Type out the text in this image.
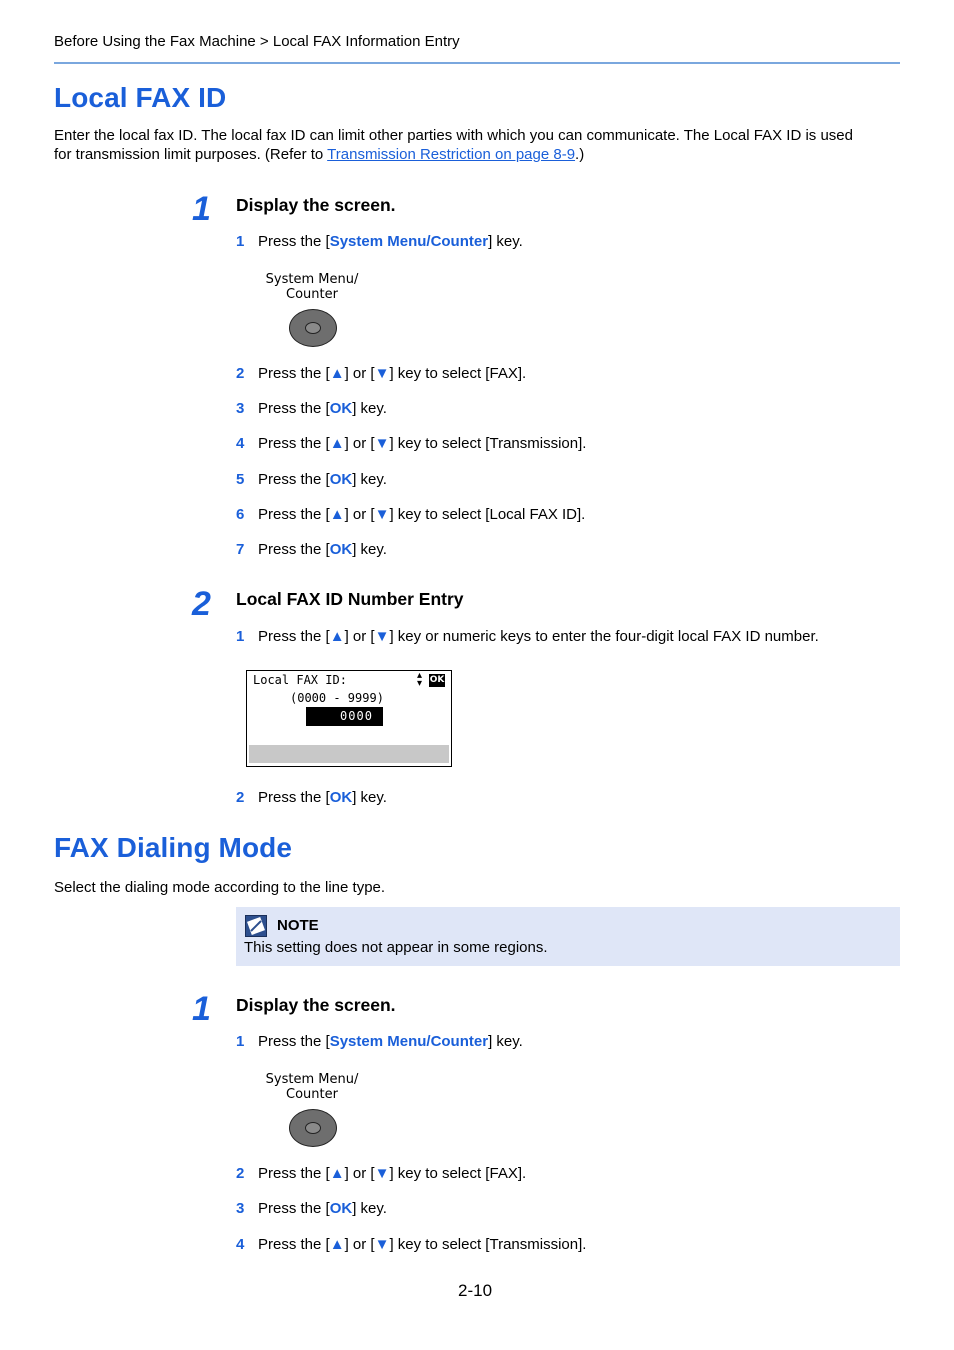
Before Using the Fax Machine > Local FAX Information Entry
Local FAX ID
Enter the local fax ID. The local fax ID can limit other parties with which you can communicate. The Local FAX ID is used
for transmission limit purposes. (Refer to Transmission Restriction on page 8-9.)
1 Display the screen.
1 Press the [System Menu/Counter] key.
System Menu/
Counter
2 Press the [▲] or [▼] key to select [FAX].
3 Press the [OK] key.
4 Press the [▲] or [▼] key to select [Transmission].
5 Press the [OK] key.
6 Press the [▲] or [▼] key to select [Local FAX ID].
7 Press the [OK] key.
2 Local FAX ID Number Entry
1 Press the [▲] or [▼] key or numeric keys to enter the four-digit local FAX ID number.
Local FAX ID:
(0000 - 9999)
0000
▴
▾ OK
2 Press the [OK] key.
FAX Dialing Mode
Select the dialing mode according to the line type.
NOTE
This setting does not appear in some regions.
1 Display the screen.
1 Press the [System Menu/Counter] key.
System Menu/
Counter
2 Press the [▲] or [▼] key to select [FAX].
3 Press the [OK] key.
4 Press the [▲] or [▼] key to select [Transmission].
2-10
